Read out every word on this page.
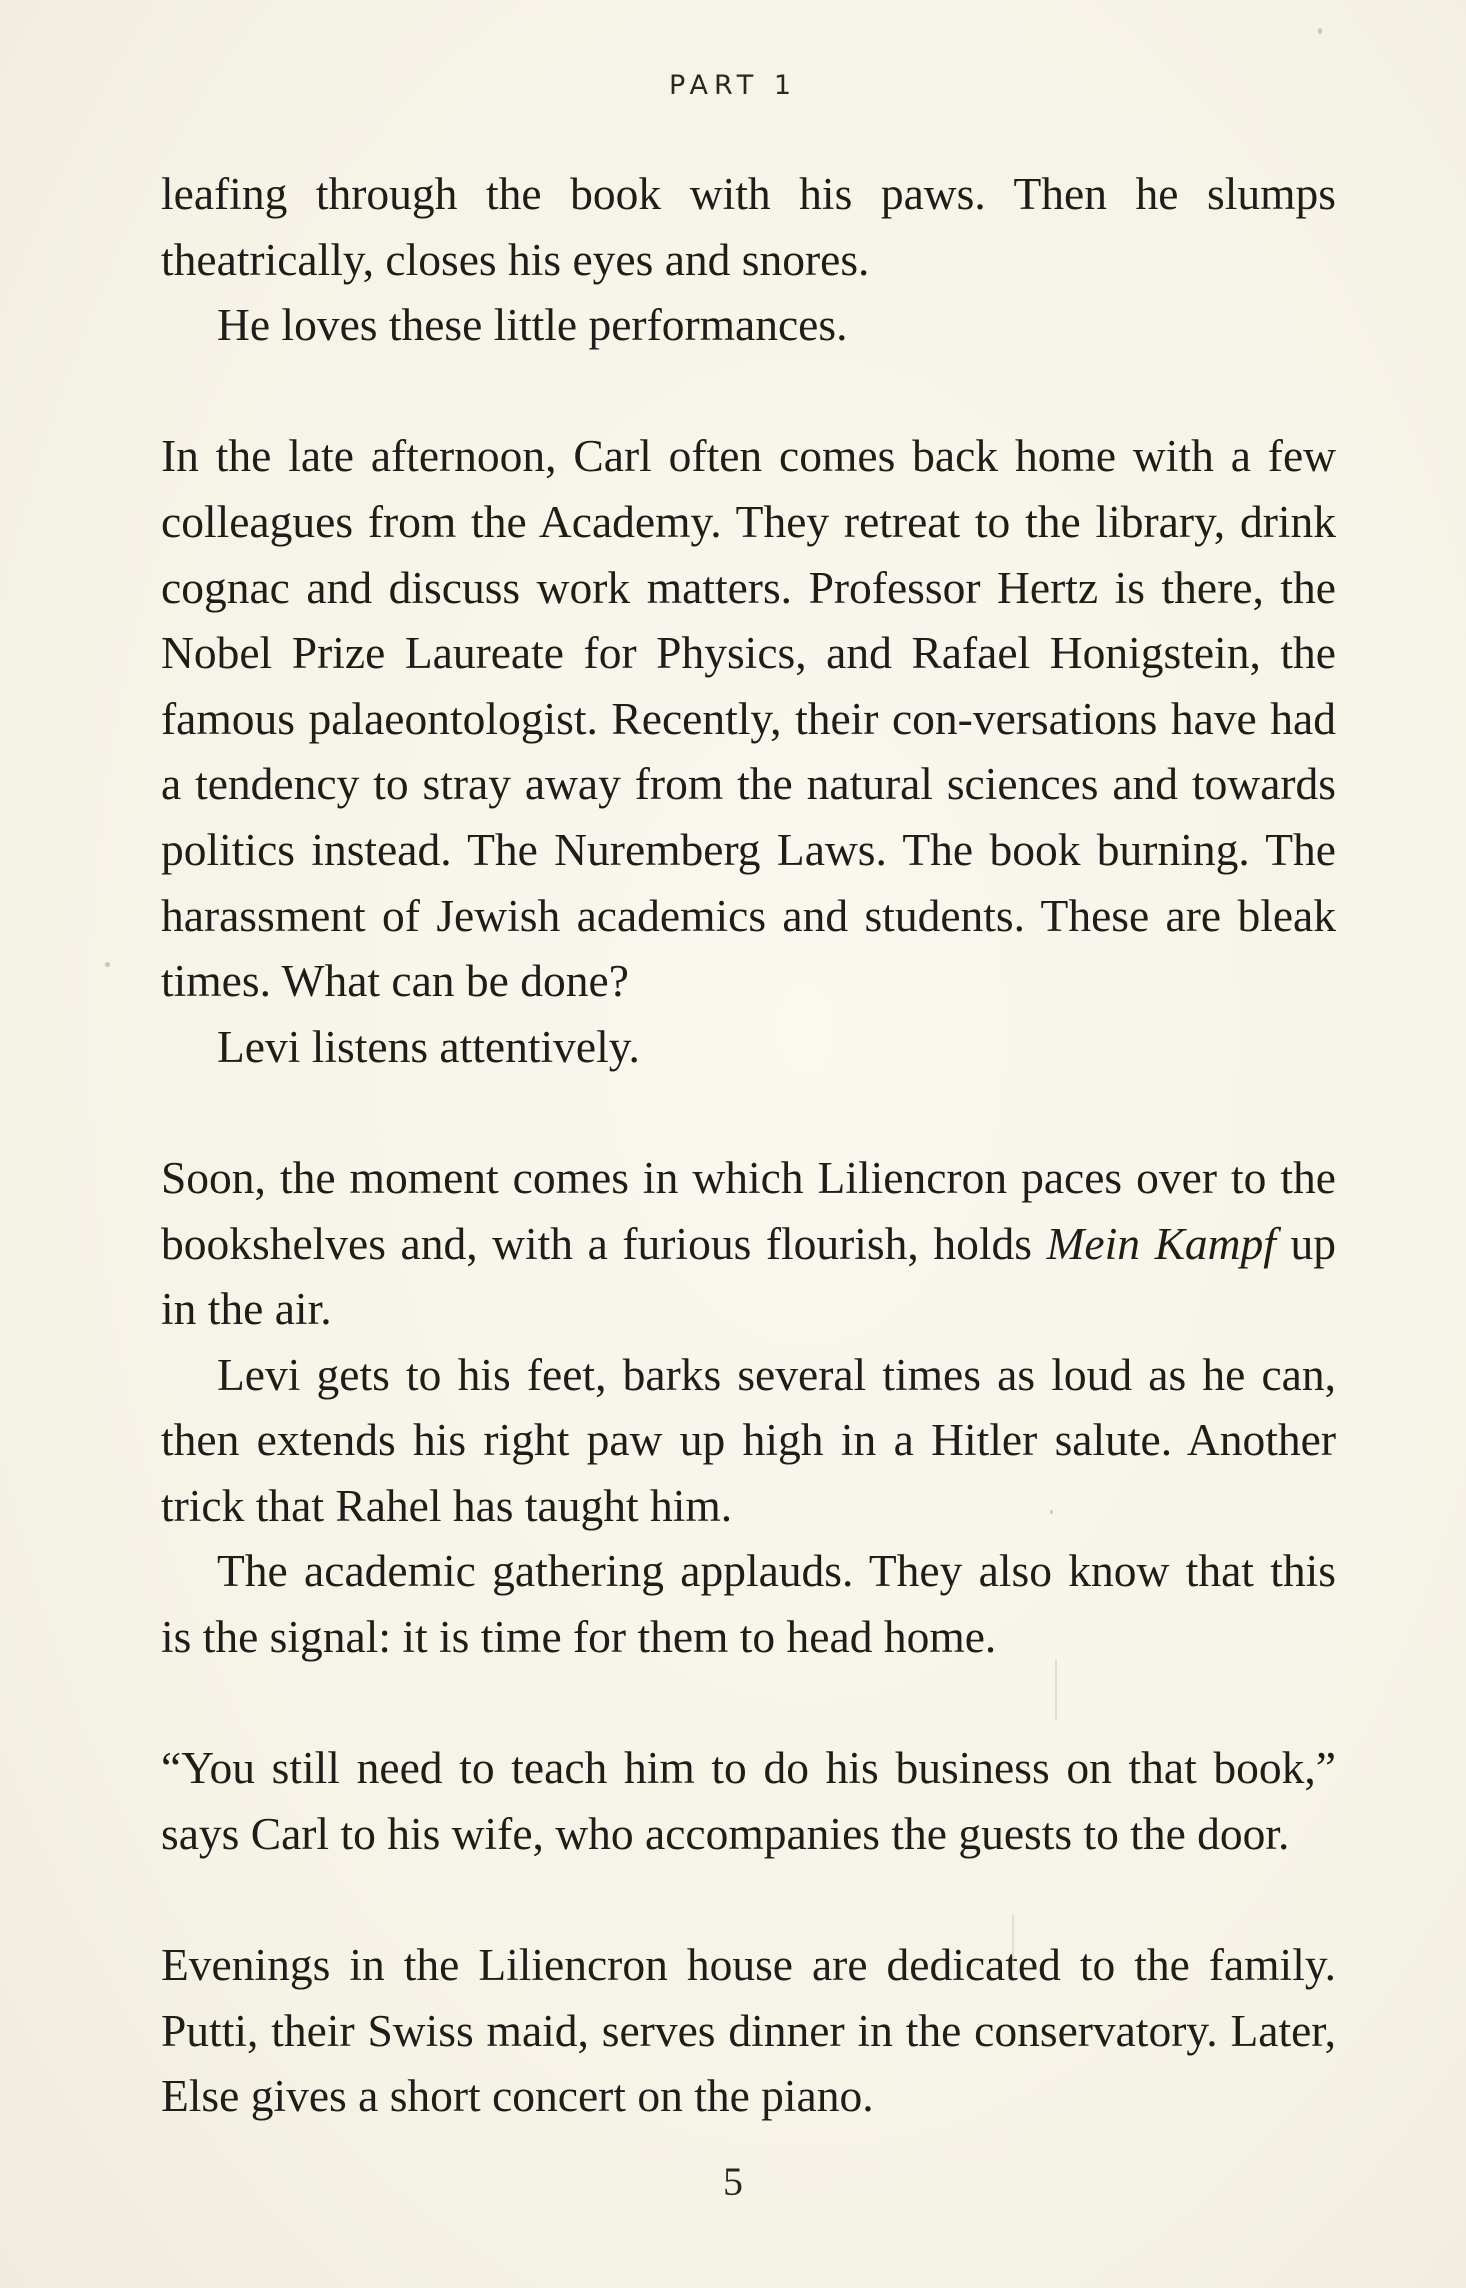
PART 1

leafing through the book with his paws. Then he slumps theatrically, closes his eyes and snores.

He loves these little performances.

In the late afternoon, Carl often comes back home with a few colleagues from the Academy. They retreat to the library, drink cognac and discuss work matters. Professor Hertz is there, the Nobel Prize Laureate for Physics, and Rafael Honigstein, the famous palaeontologist. Recently, their con-versations have had a tendency to stray away from the natural sciences and towards politics instead. The Nuremberg Laws. The book burning. The harassment of Jewish academics and students. These are bleak times. What can be done?

Levi listens attentively.

Soon, the moment comes in which Liliencron paces over to the bookshelves and, with a furious flourish, holds Mein Kampf up in the air.

Levi gets to his feet, barks several times as loud as he can, then extends his right paw up high in a Hitler salute. Another trick that Rahel has taught him.

The academic gathering applauds. They also know that this is the signal: it is time for them to head home.

“You still need to teach him to do his business on that book,” says Carl to his wife, who accompanies the guests to the door.

Evenings in the Liliencron house are dedicated to the family. Putti, their Swiss maid, serves dinner in the conservatory. Later, Else gives a short concert on the piano.

5
